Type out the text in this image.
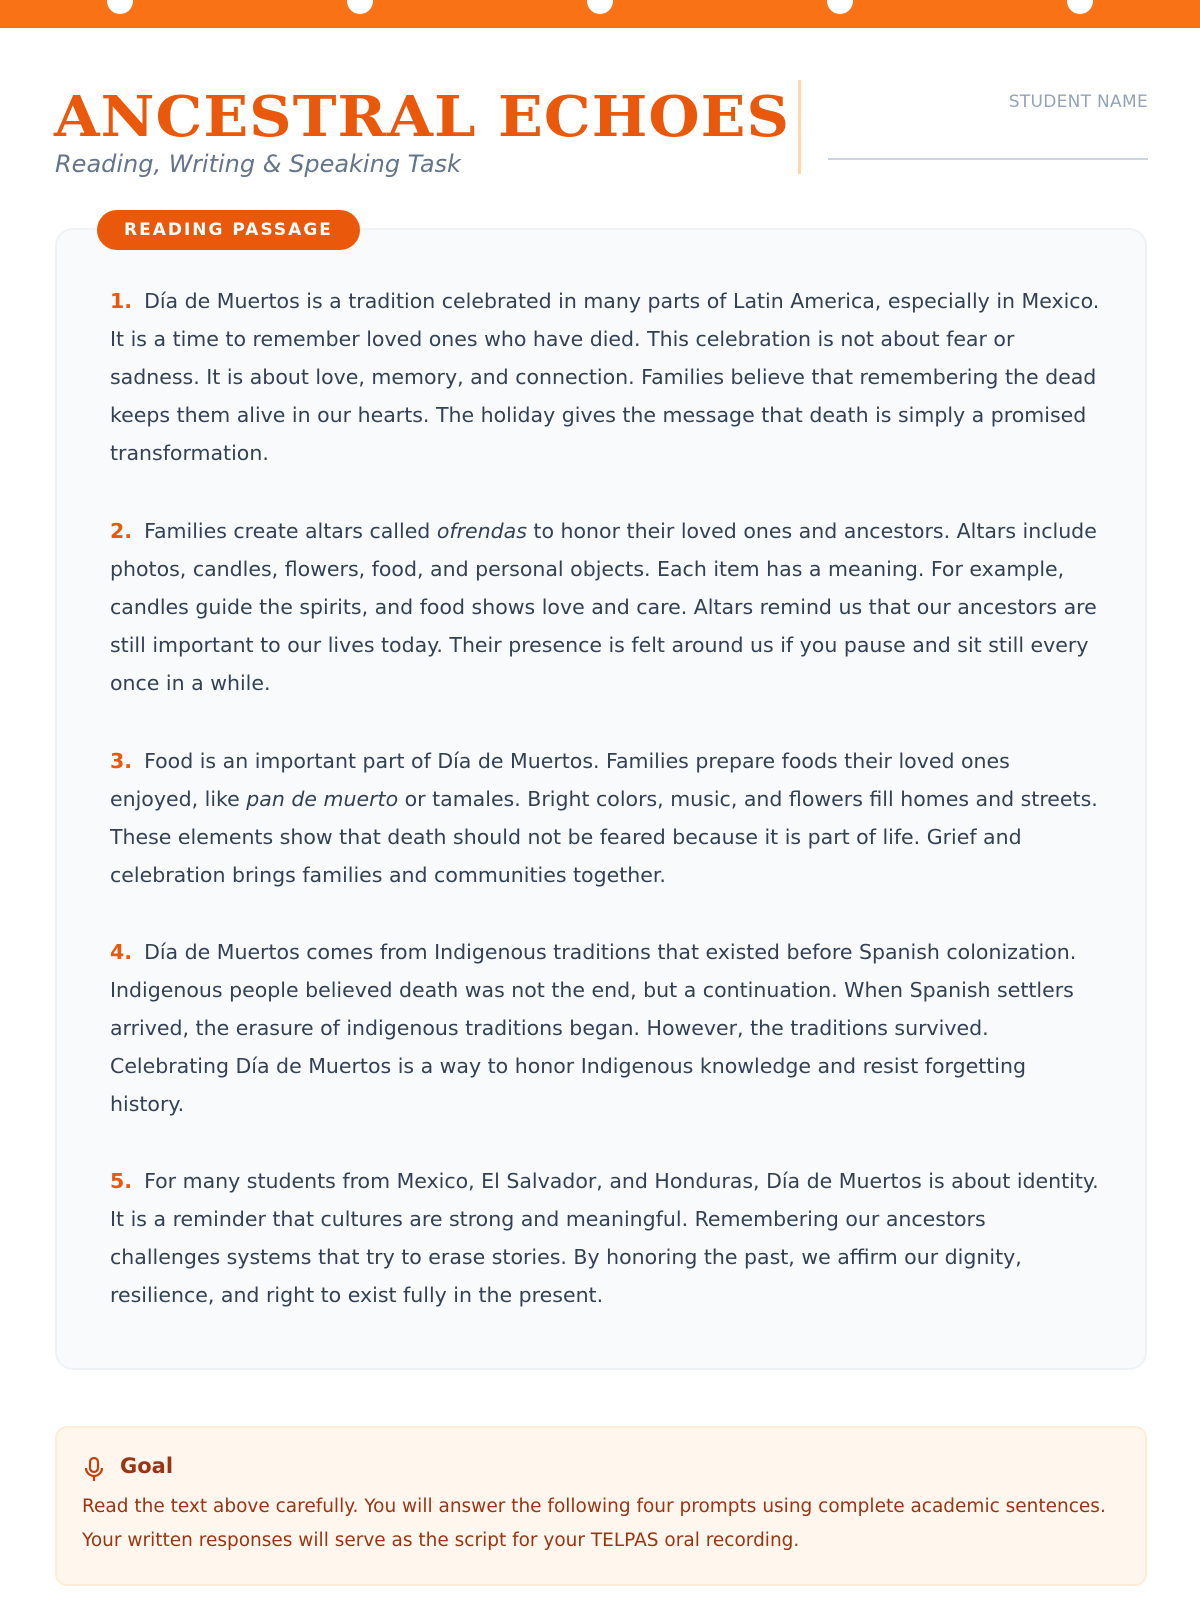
ANCESTRAL ECHOES
Reading, Writing & Speaking Task
STUDENT NAME
READING PASSAGE
1. Día de Muertos is a tradition celebrated in many parts of Latin America, especially in Mexico. It is a time to remember loved ones who have died. This celebration is not about fear or sadness. It is about love, memory, and connection. Families believe that remembering the dead keeps them alive in our hearts. The holiday gives the message that death is simply a promised transformation.
2. Families create altars called ofrendas to honor their loved ones and ancestors. Altars include photos, candles, flowers, food, and personal objects. Each item has a meaning. For example, candles guide the spirits, and food shows love and care. Altars remind us that our ancestors are still important to our lives today. Their presence is felt around us if you pause and sit still every once in a while.
3. Food is an important part of Día de Muertos. Families prepare foods their loved ones enjoyed, like pan de muerto or tamales. Bright colors, music, and flowers fill homes and streets. These elements show that death should not be feared because it is part of life. Grief and celebration brings families and communities together.
4. Día de Muertos comes from Indigenous traditions that existed before Spanish colonization. Indigenous people believed death was not the end, but a continuation. When Spanish settlers arrived, the erasure of indigenous traditions began. However, the traditions survived. Celebrating Día de Muertos is a way to honor Indigenous knowledge and resist forgetting history.
5. For many students from Mexico, El Salvador, and Honduras, Día de Muertos is about identity. It is a reminder that cultures are strong and meaningful. Remembering our ancestors challenges systems that try to erase stories. By honoring the past, we affirm our dignity, resilience, and right to exist fully in the present.
Goal
Read the text above carefully. You will answer the following four prompts using complete academic sentences. Your written responses will serve as the script for your TELPAS oral recording.
